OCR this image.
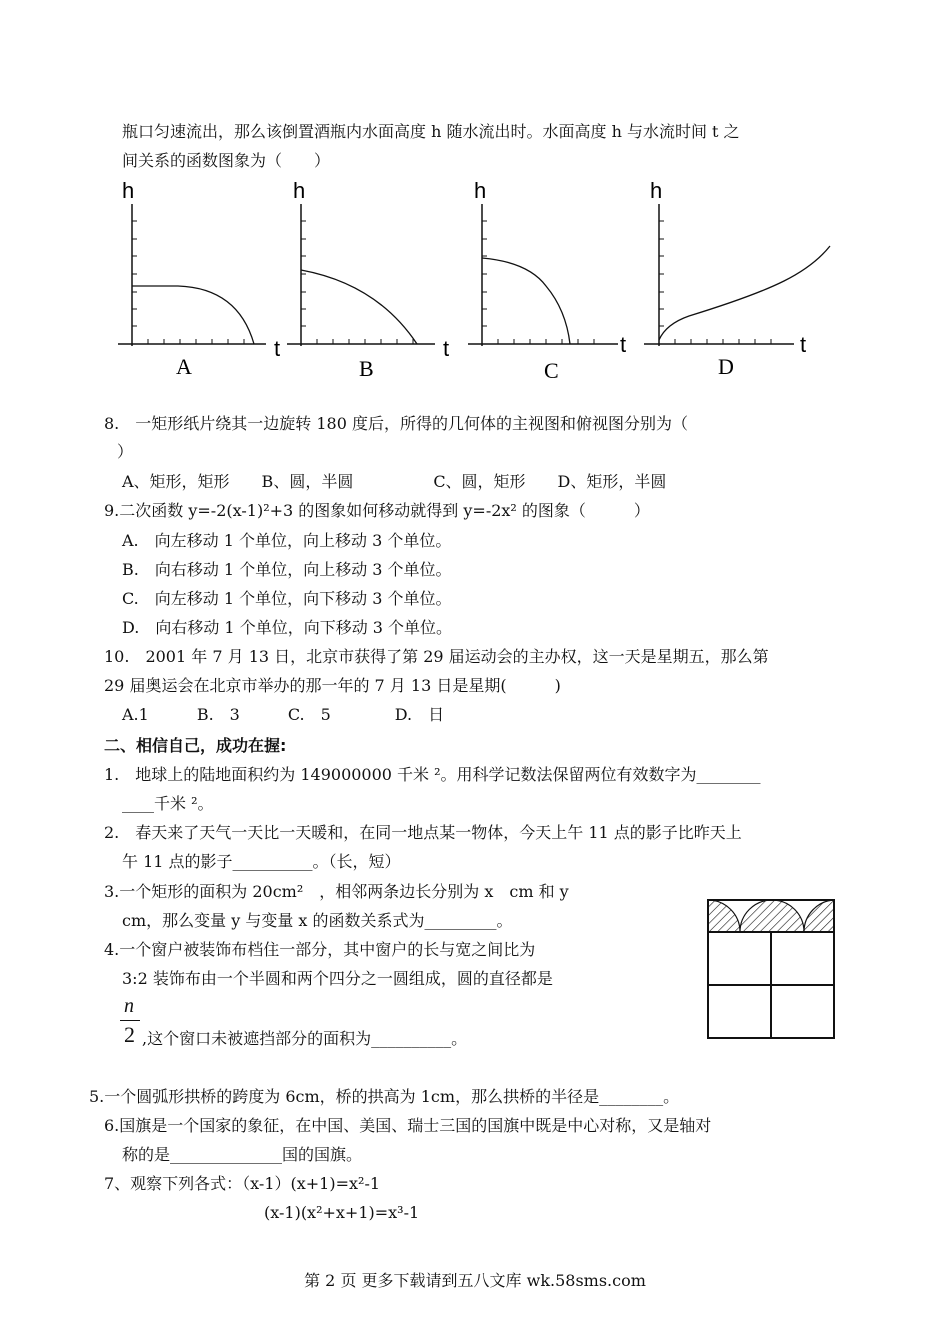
瓶口匀速流出，那么该倒置酒瓶内水面高度 h 随水流出时。水面高度 h 与水流时间 t 之
间关系的函数图象为（　　）
h
t
A
h
t
B
h
t
C
h
t
D
8.　一矩形纸片绕其一边旋转 180 度后，所得的几何体的主视图和俯视图分别为（
）
A、矩形，矩形　　B、圆，半圆　　　　　C、圆，矩形　　D、矩形，半圆
9.二次函数 y=-2(x-1)²+3 的图象如何移动就得到 y=-2x² 的图象（　　　）
A.　向左移动 1 个单位，向上移动 3 个单位。
B.　向右移动 1 个单位，向上移动 3 个单位。
C.　向左移动 1 个单位，向下移动 3 个单位。
D.　向右移动 1 个单位，向下移动 3 个单位。
10.　2001 年 7 月 13 日，北京市获得了第 29 届运动会的主办权，这一天是星期五，那么第
29 届奥运会在北京市举办的那一年的 7 月 13 日是星期(　　　)
A.1　　　B.　3　　　C.　5　　　　D.　日
二、相信自己，成功在握:
1.　地球上的陆地面积约为 149000000 千米 ²。用科学记数法保留两位有效数字为________
____千米 ²。
2.　春天来了天气一天比一天暖和，在同一地点某一物体，今天上午 11 点的影子比昨天上
午 11 点的影子__________。（长，短）
3.一个矩形的面积为 20cm²　，相邻两条边长分别为 x　cm 和 y
cm，那么变量 y 与变量 x 的函数关系式为_________。
4.一个窗户被装饰布档住一部分，其中窗户的长与宽之间比为
3:2 装饰布由一个半圆和两个四分之一圆组成，圆的直径都是
n
2 ,这个窗口未被遮挡部分的面积为__________。
5.一个圆弧形拱桥的跨度为 6cm，桥的拱高为 1cm，那么拱桥的半径是________。
6.国旗是一个国家的象征，在中国、美国、瑞士三国的国旗中既是中心对称，又是轴对
称的是______________国的国旗。
7、观察下列各式：（x-1）(x+1)=x²-1
(x-1)(x²+x+1)=x³-1
第 2 页 更多下载请到五八文库 wk.58sms.com
